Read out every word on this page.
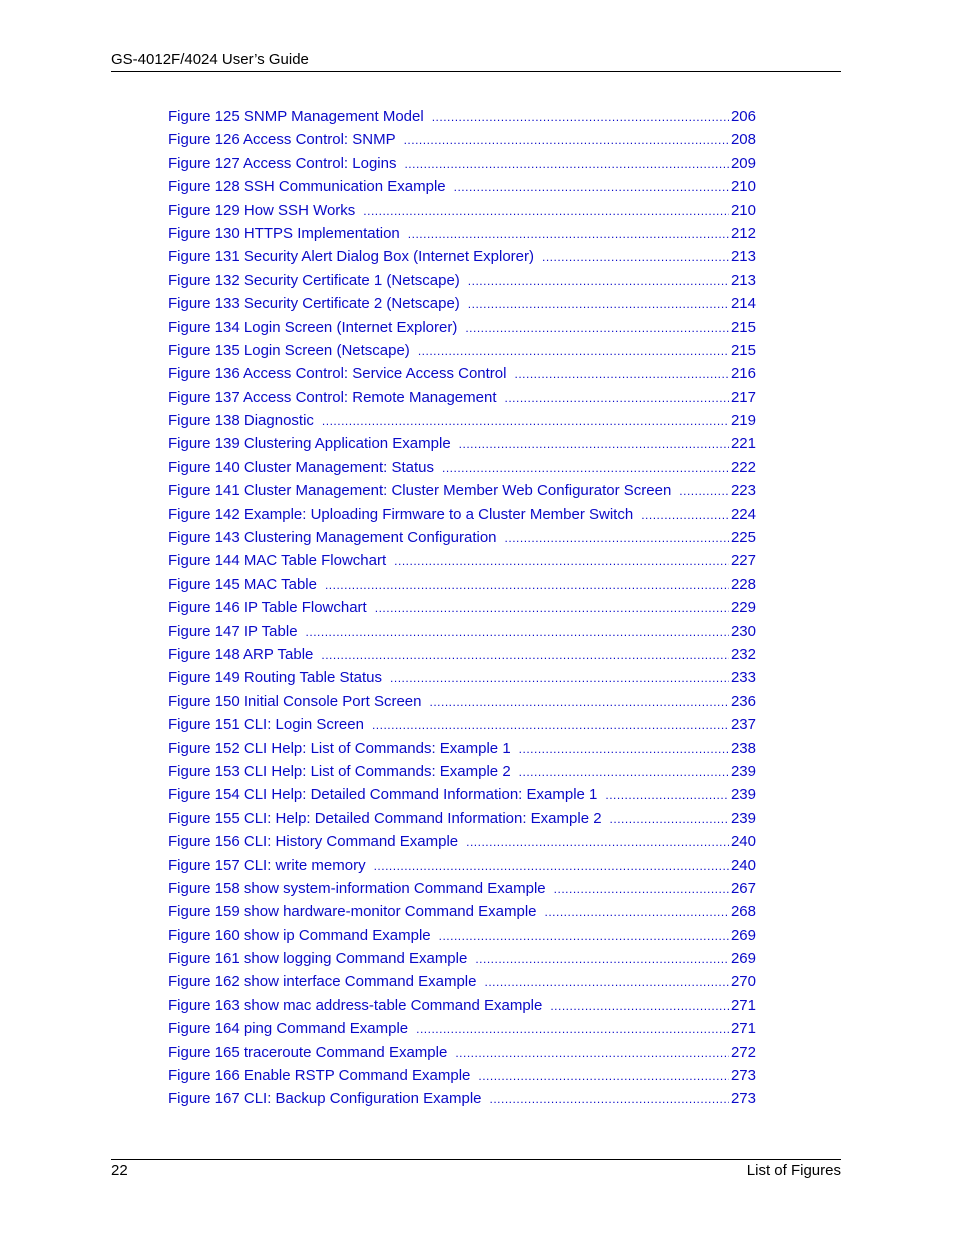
GS-4012F/4024 User’s Guide
Figure 125 SNMP Management Model .....	206
Figure 126 Access Control: SNMP .....	208
Figure 127 Access Control: Logins .....	209
Figure 128 SSH Communication Example .....	210
Figure 129 How SSH Works .....	210
Figure 130 HTTPS Implementation .....	212
Figure 131 Security Alert Dialog Box (Internet Explorer) .....	213
Figure 132 Security Certificate 1 (Netscape) .....	213
Figure 133 Security Certificate 2 (Netscape) .....	214
Figure 134 Login Screen (Internet Explorer) .....	215
Figure 135 Login Screen (Netscape) .....	215
Figure 136 Access Control: Service Access Control .....	216
Figure 137 Access Control: Remote Management .....	217
Figure 138 Diagnostic .....	219
Figure 139 Clustering Application Example .....	221
Figure 140 Cluster Management: Status .....	222
Figure 141 Cluster Management: Cluster Member Web Configurator Screen .....	223
Figure 142 Example: Uploading Firmware to a Cluster Member Switch .....	224
Figure 143 Clustering Management Configuration .....	225
Figure 144 MAC Table Flowchart .....	227
Figure 145 MAC Table .....	228
Figure 146 IP Table Flowchart .....	229
Figure 147 IP Table .....	230
Figure 148 ARP Table .....	232
Figure 149 Routing Table Status .....	233
Figure 150 Initial Console Port Screen .....	236
Figure 151 CLI: Login Screen .....	237
Figure 152 CLI Help: List of Commands: Example 1 .....	238
Figure 153 CLI Help: List of Commands: Example 2 .....	239
Figure 154 CLI Help: Detailed Command Information: Example 1 .....	239
Figure 155 CLI: Help: Detailed Command Information: Example 2 .....	239
Figure 156 CLI: History Command Example .....	240
Figure 157 CLI: write memory .....	240
Figure 158 show system-information Command Example .....	267
Figure 159 show hardware-monitor Command Example .....	268
Figure 160 show ip Command Example .....	269
Figure 161 show logging Command Example .....	269
Figure 162 show interface Command Example .....	270
Figure 163 show mac address-table Command Example .....	271
Figure 164 ping Command Example .....	271
Figure 165 traceroute Command Example .....	272
Figure 166 Enable RSTP Command Example .....	273
Figure 167 CLI: Backup Configuration Example .....	273
22	List of Figures
